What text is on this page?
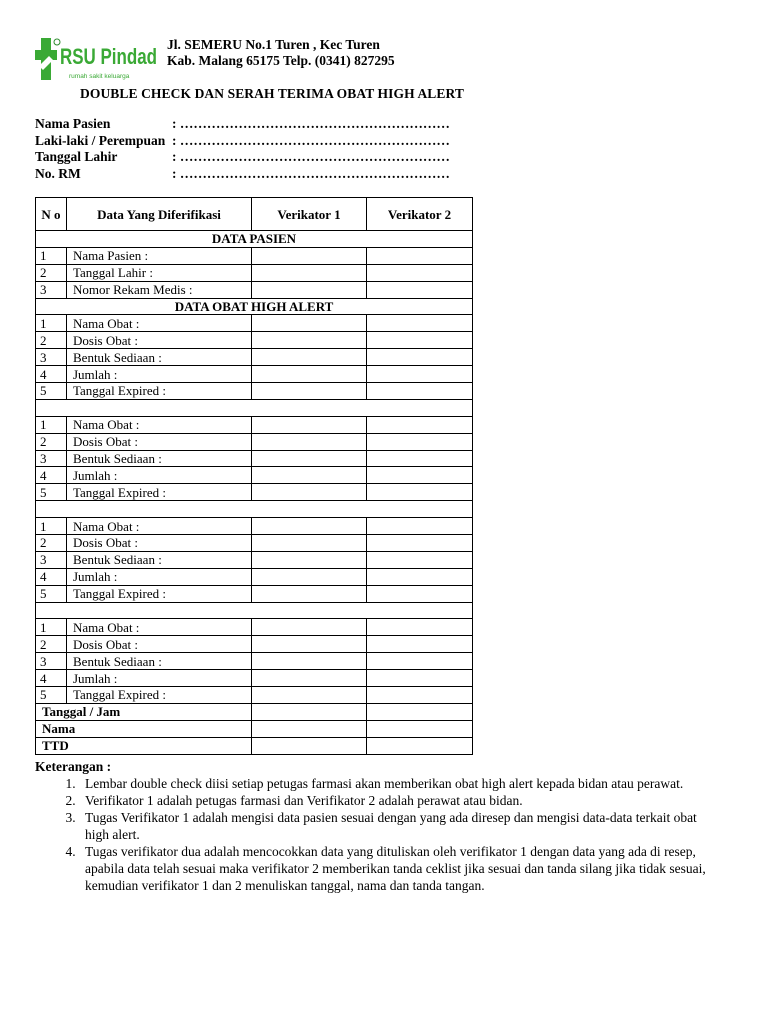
RSU Pindad
rumah sakit keluarga
Jl. SEMERU No.1 Turen , Kec Turen
Kab. Malang 65175 Telp. (0341) 827295
DOUBLE CHECK DAN SERAH TERIMA OBAT HIGH ALERT
Nama Pasien	: ……………………………………………………
Laki-laki / Perempuan : ……………………………………………………
Tanggal Lahir	: ……………………………………………………
No. RM	: ……………………………………………………
N o	Data Yang Diferifikasi	Verikator 1	Verikator 2
DATA PASIEN			
1	Nama Pasien :		
2	Tanggal Lahir :		
3	Nomor Rekam Medis :		
DATA OBAT HIGH ALERT			
1	Nama Obat :		
2	Dosis Obat :		
3	Bentuk Sediaan :		
4	Jumlah :		
5	Tanggal Expired :		

1	Nama Obat :		
2	Dosis Obat :		
3	Bentuk Sediaan :		
4	Jumlah :		
5	Tanggal Expired :		

1	Nama Obat :		
2	Dosis Obat :		
3	Bentuk Sediaan :		
4	Jumlah :		
5	Tanggal Expired :		

1	Nama Obat :		
2	Dosis Obat :		
3	Bentuk Sediaan :		
4	Jumlah :		
5	Tanggal Expired :		
Tanggal / Jam			
Nama			
TTD			
Keterangan :
1. Lembar double check diisi setiap petugas farmasi akan memberikan obat high alert kepada bidan atau perawat.
2. Verifikator 1 adalah petugas farmasi dan Verifikator 2 adalah perawat atau bidan.
3. Tugas Verifikator 1 adalah mengisi data pasien sesuai dengan yang ada diresep dan mengisi data-data terkait obat high alert.
4. Tugas verifikator dua adalah mencocokkan data yang dituliskan oleh verifikator 1 dengan data yang ada di resep, apabila data telah sesuai maka verifikator 2 memberikan tanda ceklist jika sesuai dan tanda silang jika tidak sesuai, kemudian verifikator 1 dan 2 menuliskan tanggal, nama dan tanda tangan.
